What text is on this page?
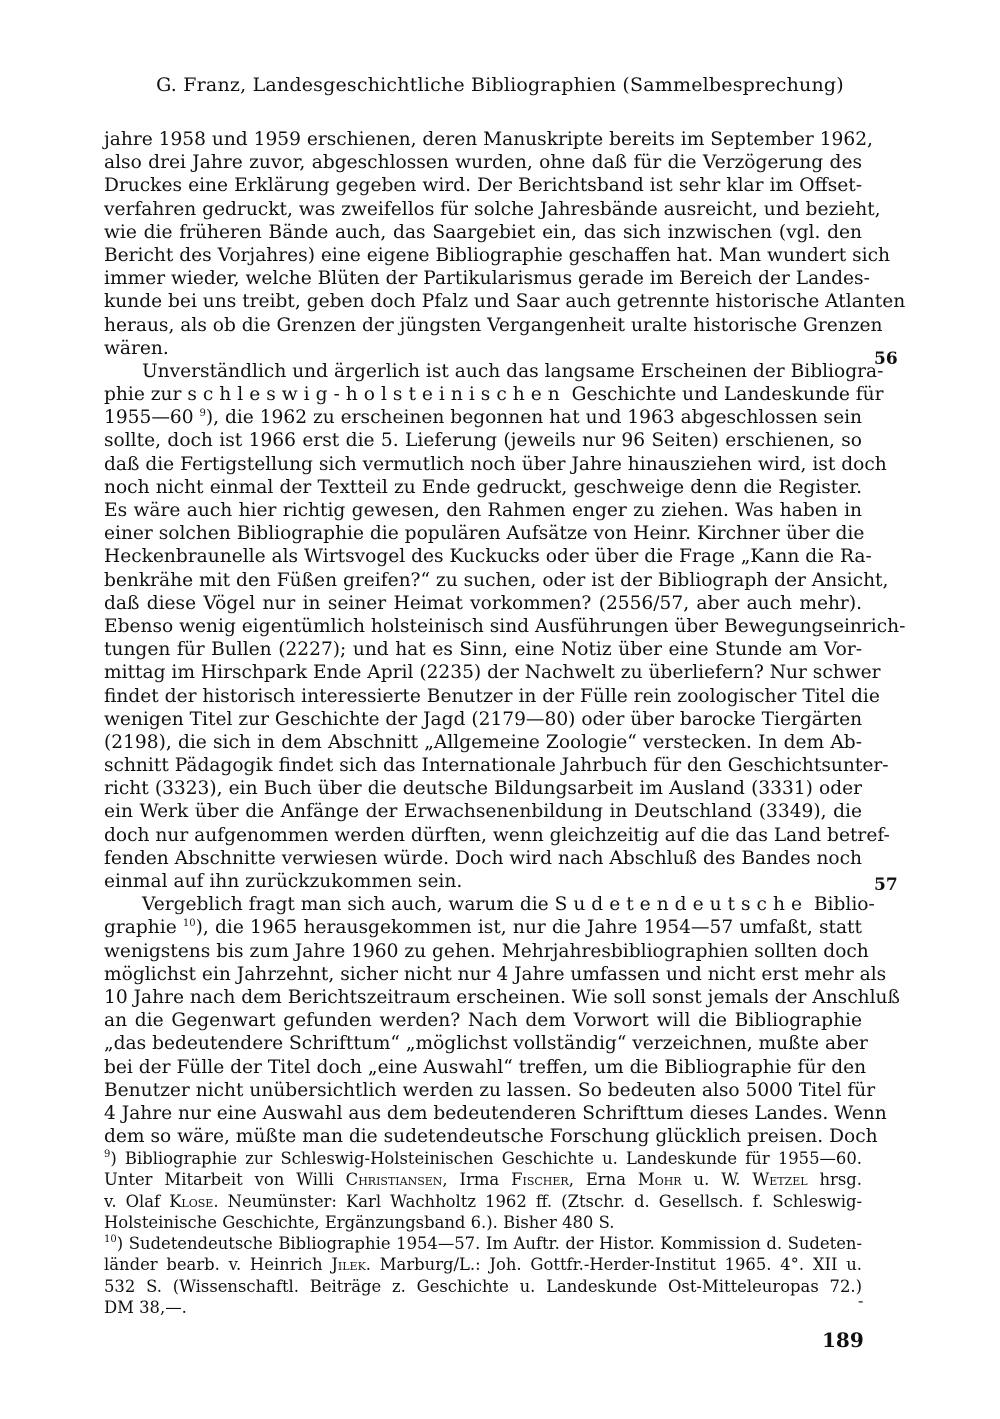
G. Franz, Landesgeschichtliche Bibliographien (Sammelbesprechung)
jahre 1958 und 1959 erschienen, deren Manuskripte bereits im September 1962,
also drei Jahre zuvor, abgeschlossen wurden, ohne daß für die Verzögerung des
Druckes eine Erklärung gegeben wird. Der Berichtsband ist sehr klar im Offset-
verfahren gedruckt, was zweifellos für solche Jahresbände ausreicht, und bezieht,
wie die früheren Bände auch, das Saargebiet ein, das sich inzwischen (vgl. den
Bericht des Vorjahres) eine eigene Bibliographie geschaffen hat. Man wundert sich
immer wieder, welche Blüten der Partikularismus gerade im Bereich der Landes-
kunde bei uns treibt, geben doch Pfalz und Saar auch getrennte historische Atlanten
heraus, als ob die Grenzen der jüngsten Vergangenheit uralte historische Grenzen
wären.
Unverständlich und ärgerlich ist auch das langsame Erscheinen der Bibliogra-
phie zur schleswig-holsteinischen Geschichte und Landeskunde für
1955—60 $^9$), die 1962 zu erscheinen begonnen hat und 1963 abgeschlossen sein
sollte, doch ist 1966 erst die 5. Lieferung (jeweils nur 96 Seiten) erschienen, so
daß die Fertigstellung sich vermutlich noch über Jahre hinausziehen wird, ist doch
noch nicht einmal der Textteil zu Ende gedruckt, geschweige denn die Register.
Es wäre auch hier richtig gewesen, den Rahmen enger zu ziehen. Was haben in
einer solchen Bibliographie die populären Aufsätze von Heinr. Kirchner über die
Heckenbraunelle als Wirtsvogel des Kuckucks oder über die Frage „Kann die Ra-
benkrähe mit den Füßen greifen?“ zu suchen, oder ist der Bibliograph der Ansicht,
daß diese Vögel nur in seiner Heimat vorkommen? (2556/57, aber auch mehr).
Ebenso wenig eigentümlich holsteinisch sind Ausführungen über Bewegungseinrich-
tungen für Bullen (2227); und hat es Sinn, eine Notiz über eine Stunde am Vor-
mittag im Hirschpark Ende April (2235) der Nachwelt zu überliefern? Nur schwer
findet der historisch interessierte Benutzer in der Fülle rein zoologischer Titel die
wenigen Titel zur Geschichte der Jagd (2179—80) oder über barocke Tiergärten
(2198), die sich in dem Abschnitt „Allgemeine Zoologie“ verstecken. In dem Ab-
schnitt Pädagogik findet sich das Internationale Jahrbuch für den Geschichtsunter-
richt (3323), ein Buch über die deutsche Bildungsarbeit im Ausland (3331) oder
ein Werk über die Anfänge der Erwachsenenbildung in Deutschland (3349), die
doch nur aufgenommen werden dürften, wenn gleichzeitig auf die das Land betref-
fenden Abschnitte verwiesen würde. Doch wird nach Abschluß des Bandes noch
einmal auf ihn zurückzukommen sein.
Vergeblich fragt man sich auch, warum die Sudetendeutsche Biblio-
graphie $^{10}$), die 1965 herausgekommen ist, nur die Jahre 1954—57 umfaßt, statt
wenigstens bis zum Jahre 1960 zu gehen. Mehrjahresbibliographien sollten doch
möglichst ein Jahrzehnt, sicher nicht nur 4 Jahre umfassen und nicht erst mehr als
10 Jahre nach dem Berichtszeitraum erscheinen. Wie soll sonst jemals der Anschluß
an die Gegenwart gefunden werden? Nach dem Vorwort will die Bibliographie
„das bedeutendere Schrifttum“ „möglichst vollständig“ verzeichnen, mußte aber
bei der Fülle der Titel doch „eine Auswahl“ treffen, um die Bibliographie für den
Benutzer nicht unübersichtlich werden zu lassen. So bedeuten also 5000 Titel für
4 Jahre nur eine Auswahl aus dem bedeutenderen Schrifttum dieses Landes. Wenn
dem so wäre, müßte man die sudetendeutsche Forschung glücklich preisen. Doch
56
57
$^9$) Bibliographie zur Schleswig-Holsteinischen Geschichte u. Landeskunde für 1955—60.
Unter Mitarbeit von Willi Christiansen, Irma Fischer, Erna Mohr u. W. Wetzel hrsg.
v. Olaf Klose. Neumünster: Karl Wachholtz 1962 ff. (Ztschr. d. Gesellsch. f. Schleswig-
Holsteinische Geschichte, Ergänzungsband 6.). Bisher 480 S.
$^{10}$) Sudetendeutsche Bibliographie 1954—57. Im Auftr. der Histor. Kommission d. Sudeten-
länder bearb. v. Heinrich Jilek. Marburg/L.: Joh. Gottfr.-Herder-Institut 1965. 4°. XII u.
532 S. (Wissenschaftl. Beiträge z. Geschichte u. Landeskunde Ost-Mitteleuropas 72.)
DM 38,—.	-
189
